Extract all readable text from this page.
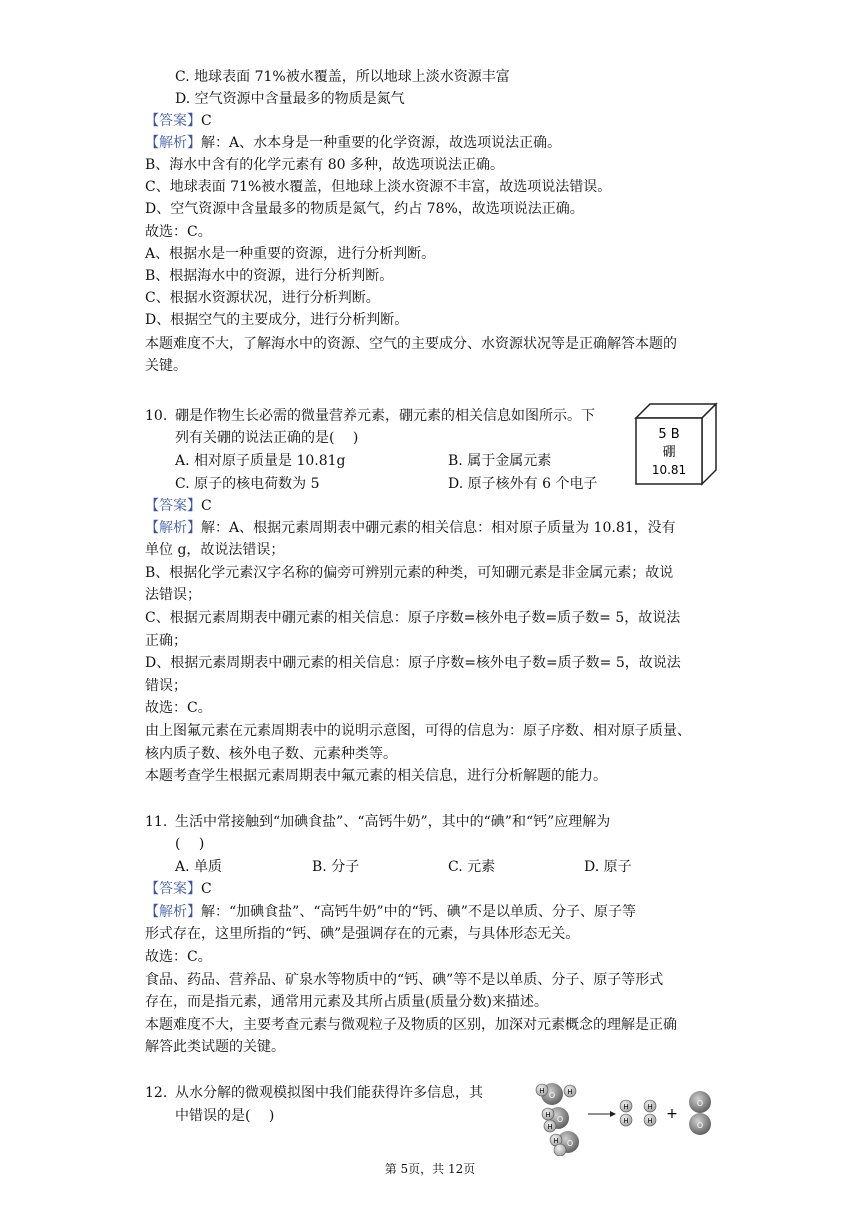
C. 地球表面 71%被水覆盖，所以地球上淡水资源丰富
D. 空气资源中含量最多的物质是氮气
【答案】C
【解析】解：A、水本身是一种重要的化学资源，故选项说法正确。
B、海水中含有的化学元素有 80 多种，故选项说法正确。
C、地球表面 71%被水覆盖，但地球上淡水资源不丰富，故选项说法错误。
D、空气资源中含量最多的物质是氮气，约占 78%，故选项说法正确。
故选：C。
A、根据水是一种重要的资源，进行分析判断。
B、根据海水中的资源，进行分析判断。
C、根据水资源状况，进行分析判断。
D、根据空气的主要成分，进行分析判断。
本题难度不大，了解海水中的资源、空气的主要成分、水资源状况等是正确解答本题的
关键。
10. 硼是作物生长必需的微量营养元素，硼元素的相关信息如图所示。下
列有关硼的说法正确的是(　 )
A. 相对原子质量是 10.81g	B. 属于金属元素
C. 原子的核电荷数为 5	D. 原子核外有 6 个电子
5 B
硼
10.81
【答案】C
【解析】解：A、根据元素周期表中硼元素的相关信息：相对原子质量为 10.81，没有
单位 g，故说法错误；
B、根据化学元素汉字名称的偏旁可辨别元素的种类，可知硼元素是非金属元素；故说
法错误；
C、根据元素周期表中硼元素的相关信息：原子序数=核外电子数=质子数= 5，故说法
正确；
D、根据元素周期表中硼元素的相关信息：原子序数=核外电子数=质子数= 5，故说法
错误；
故选：C。
由上图氟元素在元素周期表中的说明示意图，可得的信息为：原子序数、相对原子质量、
核内质子数、核外电子数、元素种类等。
本题考查学生根据元素周期表中氟元素的相关信息，进行分析解题的能力。
11. 生活中常接触到“加碘食盐”、“高钙牛奶”，其中的“碘”和“钙”应理解为
(　 )
A. 单质	B. 分子	C. 元素	D. 原子
【答案】C
【解析】解：“加碘食盐”、“高钙牛奶”中的“钙、碘”不是以单质、分子、原子等
形式存在，这里所指的“钙、碘”是强调存在的元素，与具体形态无关。
故选：C。
食品、药品、营养品、矿泉水等物质中的“钙、碘”等不是以单质、分子、原子等形式
存在，而是指元素，通常用元素及其所占质量(质量分数)来描述。
本题难度不大，主要考查元素与微观粒子及物质的区别，加深对元素概念的理解是正确
解答此类试题的关键。
12. 从水分解的微观模拟图中我们能获得许多信息，其
中错误的是(　 )
O
H	H
O
H
H
O
H
H
H
H
H +
O
O
第 5页，共 12页
